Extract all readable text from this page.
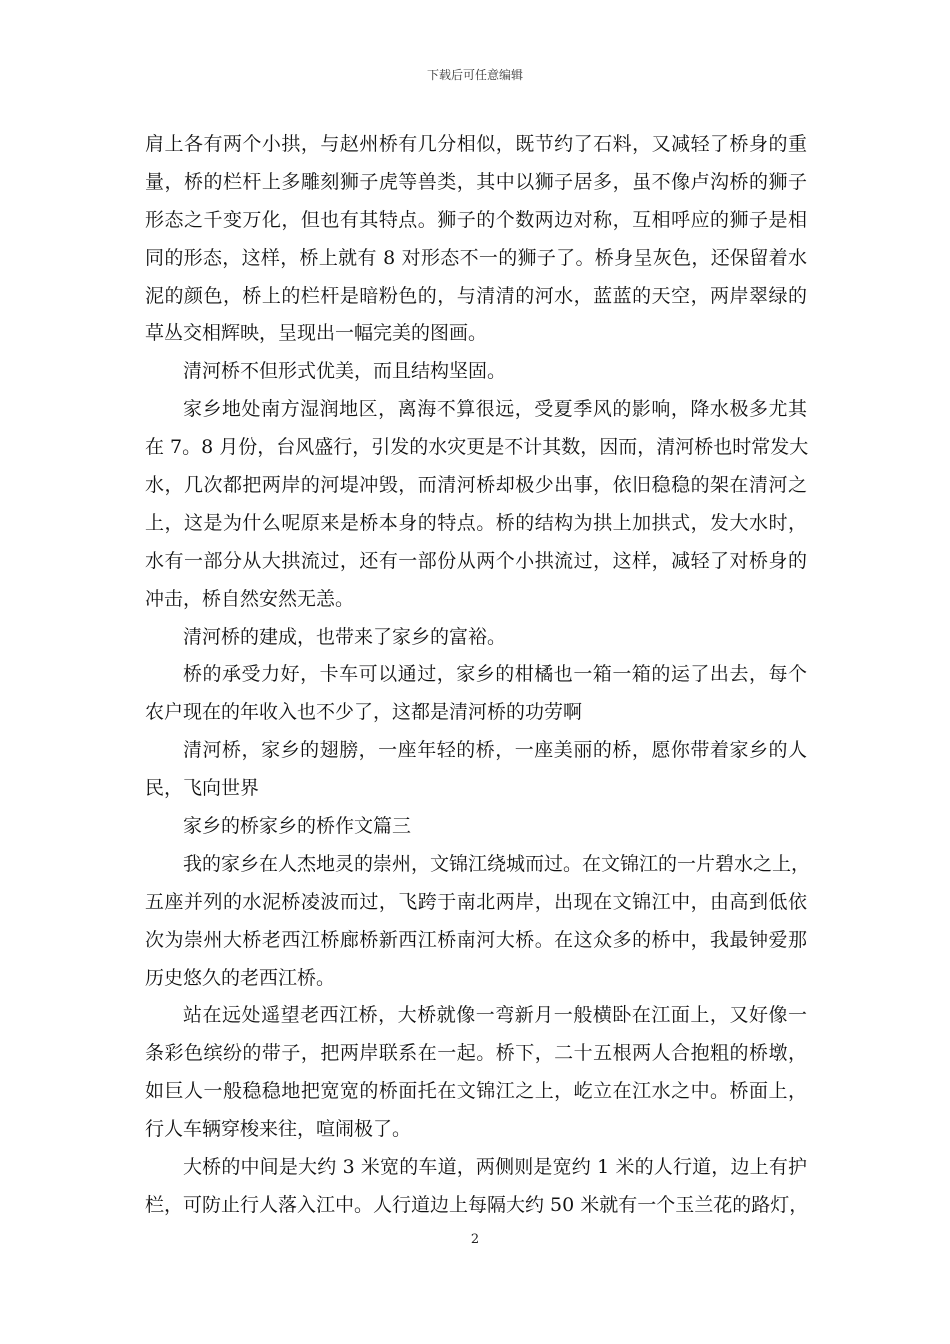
下载后可任意编辑
肩上各有两个小拱，与赵州桥有几分相似，既节约了石料，又减轻了桥身的重
量，桥的栏杆上多雕刻狮子虎等兽类，其中以狮子居多，虽不像卢沟桥的狮子
形态之千变万化，但也有其特点。狮子的个数两边对称，互相呼应的狮子是相
同的形态，这样，桥上就有 8 对形态不一的狮子了。桥身呈灰色，还保留着水
泥的颜色，桥上的栏杆是暗粉色的，与清清的河水，蓝蓝的天空，两岸翠绿的
草丛交相辉映，呈现出一幅完美的图画。
清河桥不但形式优美，而且结构坚固。
家乡地处南方湿润地区，离海不算很远，受夏季风的影响，降水极多尤其
在 7。8 月份，台风盛行，引发的水灾更是不计其数，因而，清河桥也时常发大
水，几次都把两岸的河堤冲毁，而清河桥却极少出事，依旧稳稳的架在清河之
上，这是为什么呢原来是桥本身的特点。桥的结构为拱上加拱式，发大水时，
水有一部分从大拱流过，还有一部份从两个小拱流过，这样，减轻了对桥身的
冲击，桥自然安然无恙。
清河桥的建成，也带来了家乡的富裕。
桥的承受力好，卡车可以通过，家乡的柑橘也一箱一箱的运了出去，每个
农户现在的年收入也不少了，这都是清河桥的功劳啊
清河桥，家乡的翅膀，一座年轻的桥，一座美丽的桥，愿你带着家乡的人
民，飞向世界
家乡的桥家乡的桥作文篇三
我的家乡在人杰地灵的崇州，文锦江绕城而过。在文锦江的一片碧水之上，
五座并列的水泥桥凌波而过，飞跨于南北两岸，出现在文锦江中，由高到低依
次为崇州大桥老西江桥廊桥新西江桥南河大桥。在这众多的桥中，我最钟爱那
历史悠久的老西江桥。
站在远处遥望老西江桥，大桥就像一弯新月一般横卧在江面上，又好像一
条彩色缤纷的带子，把两岸联系在一起。桥下，二十五根两人合抱粗的桥墩，
如巨人一般稳稳地把宽宽的桥面托在文锦江之上，屹立在江水之中。桥面上，
行人车辆穿梭来往，喧闹极了。
大桥的中间是大约 3 米宽的车道，两侧则是宽约 1 米的人行道，边上有护
栏，可防止行人落入江中。人行道边上每隔大约 50 米就有一个玉兰花的路灯，
2
